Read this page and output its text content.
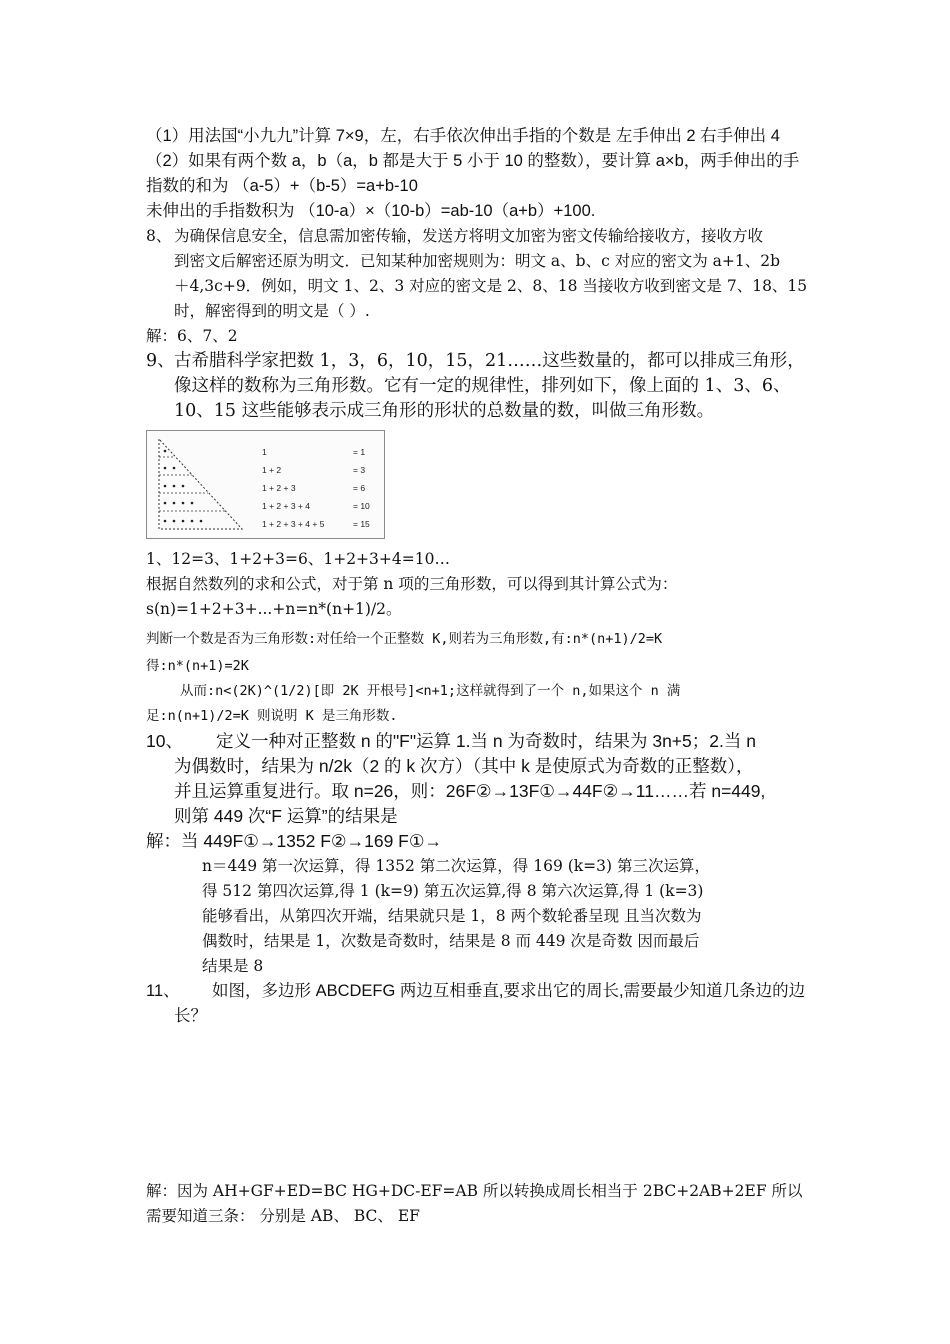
（1）用法国“小九九”计算 7×9，左，右手依次伸出手指的个数是 左手伸出 2 右手伸出 4
（2）如果有两个数 a，b（a，b 都是大于 5 小于 10 的整数），要计算 a×b，两手伸出的手
指数的和为 （a-5）+（b-5）=a+b-10
未伸出的手指数积为 （10-a）×（10-b）=ab-10（a+b）+100.
8、 为确保信息安全，信息需加密传输，发送方将明文加密为密文传输给接收方，接收方收
到密文后解密还原为明文．已知某种加密规则为：明文 a、b、c 对应的密文为 a+1、2b
＋4,3c+9．例如，明文 1、2、3 对应的密文是 2、8、18 当接收方收到密文是 7、18、15
时，解密得到的明文是（ ）.
解：6、7、2
9、 古希腊科学家把数 1，3，6，10，15，21……这些数量的，都可以排成三角形，
像这样的数称为三角形数。它有一定的规律性，排列如下，像上面的 1、3、6、
10、15 这些能够表示成三角形的形状的总数量的数，叫做三角形数。
1
1 + 2
1 + 2 + 3
1 + 2 + 3 + 4
1 + 2 + 3 + 4 + 5
= 1
= 3
= 6
= 10
= 15
1、12=3、1+2+3=6、1+2+3+4=10…
根据自然数列的求和公式，对于第 n 项的三角形数，可以得到其计算公式为：
s(n)=1+2+3+...+n=n*(n+1)/2。
判断一个数是否为三角形数:对任给一个正整数 K,则若为三角形数,有:n*(n+1)/2=K
得:n*(n+1)=2K
从而:n<(2K)^(1/2)[即 2K 开根号]<n+1;这样就得到了一个 n,如果这个 n 满
足:n(n+1)/2=K 则说明 K 是三角形数.
10、 定义一种对正整数 n 的"F"运算 1.当 n 为奇数时，结果为 3n+5；2.当 n
为偶数时，结果为 n/2k（2 的 k 次方）（其中 k 是使原式为奇数的正整数），
并且运算重复进行。取 n=26，则：26F②→13F①→44F②→11……若 n=449,
则第 449 次“F 运算”的结果是
解：当 449F①→1352 F②→169 F①→
n＝449 第一次运算，得 1352 第二次运算，得 169 (k=3) 第三次运算，
得 512 第四次运算,得 1 (k=9) 第五次运算,得 8 第六次运算,得 1 (k=3)
能够看出，从第四次开端，结果就只是 1，8 两个数轮番呈现 且当次数为
偶数时，结果是 1，次数是奇数时，结果是 8 而 449 次是奇数 因而最后
结果是 8
11、 如图，多边形 ABCDEFG 两边互相垂直,要求出它的周长,需要最少知道几条边的边
长？
解：因为 AH+GF+ED=BC HG+DC-EF=AB 所以转换成周长相当于 2BC+2AB+2EF 所以
需要知道三条： 分别是 AB、 BC、 EF
